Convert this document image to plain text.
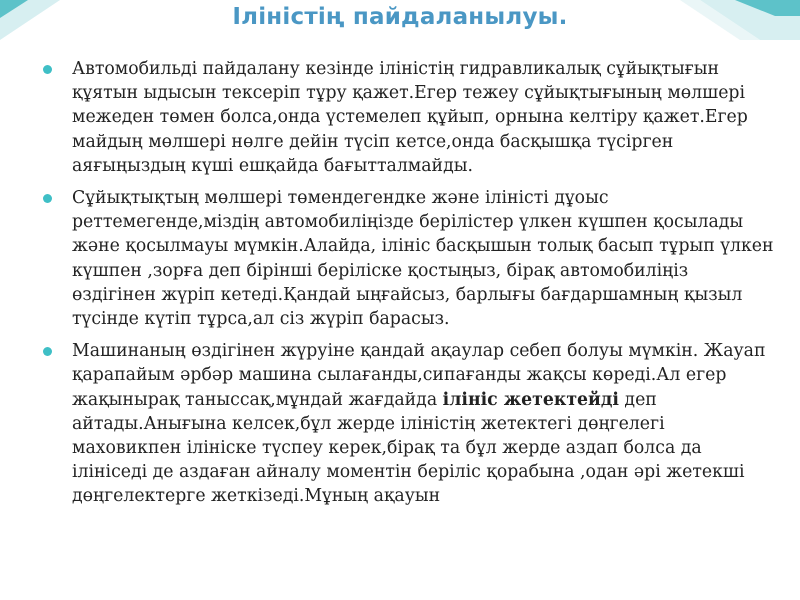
Ілiнiстiң пайдаланылуы.
Автомобильдi пайдалану кезiнде iлiнiстiң гидравликалық сұйықтығын құятын ыдысын тексерiп тұру қажет.Егер тежеу сұйықтығының мөлшерi межеден төмен болса,онда үстемелеп құйып, орнына келтiру қажет.Егер майдың мөлшерi нөлге дейiн түсiп кетсе,онда басқышқа түсiрген аяғыңыздың күшi ешқайда бағытталмайды.
Сұйықтықтың мөлшерi төмендегендке және iлiнiстi дұоыс реттемегенде,мiздiң автомобилiңiзде берiлiстер үлкен күшпен қосылады және қосылмауы мүмкiн.Алайда, iлiнiс басқышын толық басып тұрып үлкен күшпен ,зорға деп бiрiншi берiлiске қостыңыз, бiрақ автомобилiңiз өздiгiнен жүрiп кетедi.Қандай ыңғайсыз, барлығы бағдаршамның қызыл түсiнде күтiп тұрса,ал сiз жүрiп барасыз.
Машинаның өздiгiнен жүруiне қандай ақаулар себеп болуы мүмкiн. Жауап қарапайым әрбәр машина сылағанды,сипағанды жақсы көредi.Ал егер жақынырақ таныссақ,мұндай жағдайда iлiнiс жетектейдi деп айтады.Анығына келсек,бұл жерде iлiнiстiң жетектегi дөңгелегi маховикпен iлiнiске түспеу керек,бiрақ та бұл жерде аздап болса да iлiнiседi де аздаған айналу моментiн берiлiс қорабына ,одан әрi жетекшi дөңгелектерге жеткiзедi.Мұның ақауын
